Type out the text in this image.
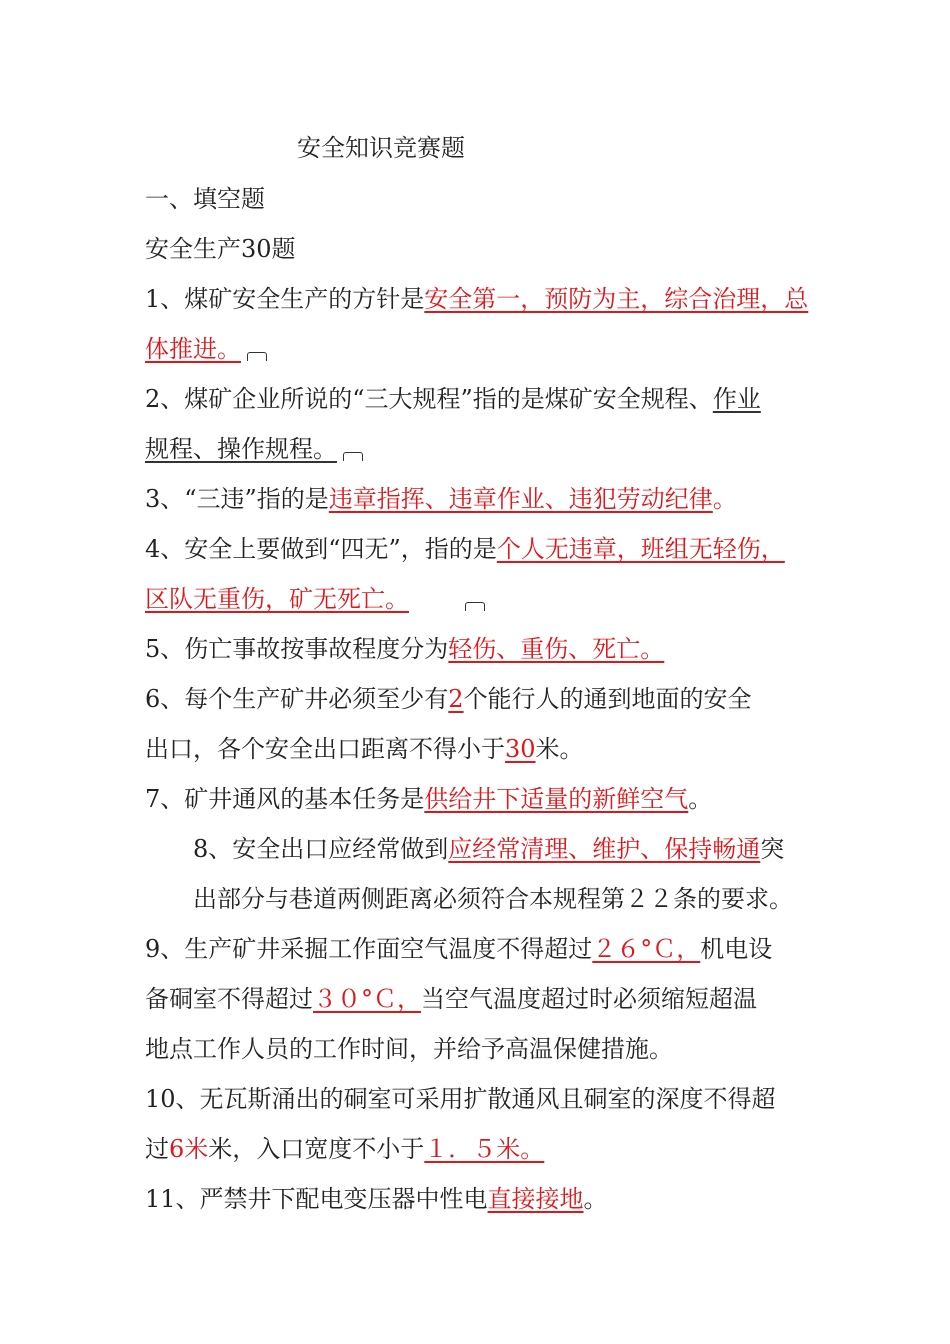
安全知识竞赛题
一、填空题
安全生产30题
1、煤矿安全生产的方针是安全第一，预防为主，综合治理，总
体推进。
2、煤矿企业所说的“三大规程”指的是煤矿安全规程、作业
规程、操作规程。
3、“三违”指的是违章指挥、违章作业、违犯劳动纪律。
4、安全上要做到“四无”，指的是个人无违章，班组无轻伤，
区队无重伤，矿无死亡。
5、伤亡事故按事故程度分为轻伤、重伤、死亡。
6、每个生产矿井必须至少有2个能行人的通到地面的安全
出口，各个安全出口距离不得小于30米。
7、矿井通风的基本任务是供给井下适量的新鲜空气。
8、安全出口应经常做到应经常清理、维护、保持畅通突
出部分与巷道两侧距离必须符合本规程第２２条的要求。
9、生产矿井采掘工作面空气温度不得超过２６°Ｃ，机电设
备硐室不得超过３０°Ｃ，当空气温度超过时必须缩短超温
地点工作人员的工作时间，并给予高温保健措施。
10、无瓦斯涌出的硐室可采用扩散通风且硐室的深度不得超
过6米米，入口宽度不小于１．５米。
11、严禁井下配电变压器中性电直接接地。
